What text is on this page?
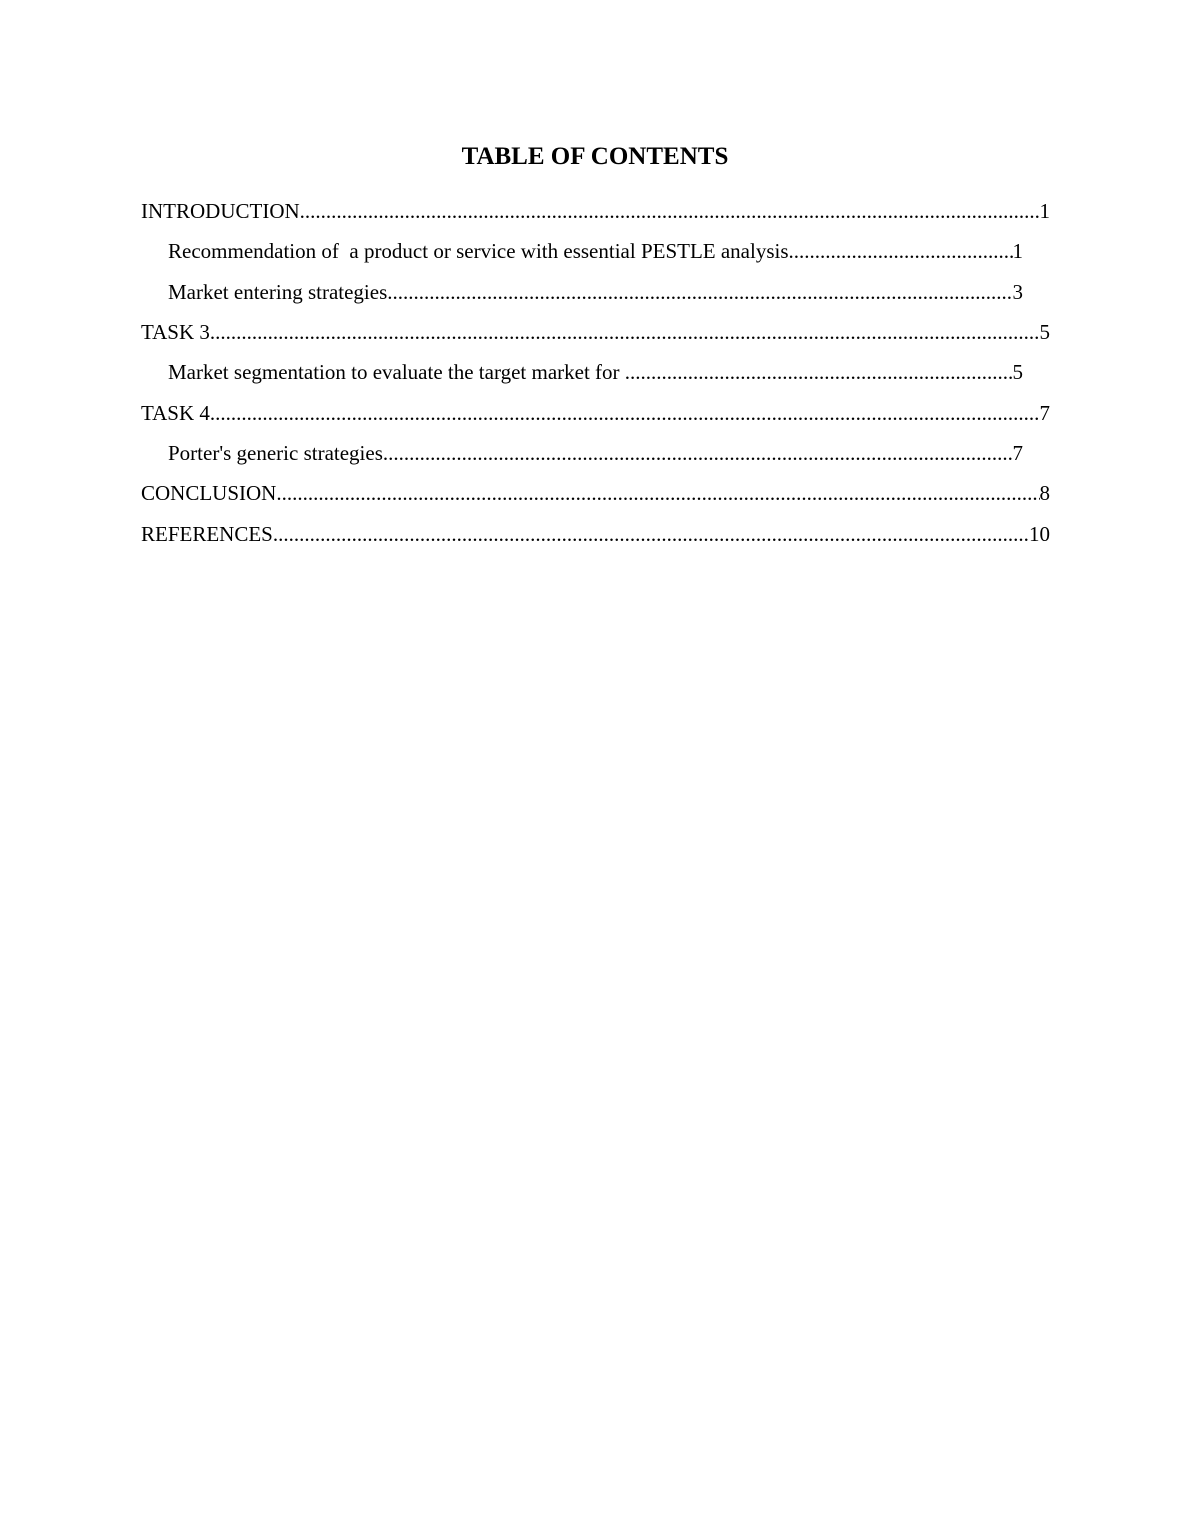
TABLE OF CONTENTS
INTRODUCTION .....	1
Recommendation of  a product or service with essential PESTLE analysis .....	1
Market entering strategies .....	3
TASK 3 .....	5
Market segmentation to evaluate the target market for .....	5
TASK 4 .....	7
Porter's generic strategies .....	7
CONCLUSION .....	8
REFERENCES .....	10
